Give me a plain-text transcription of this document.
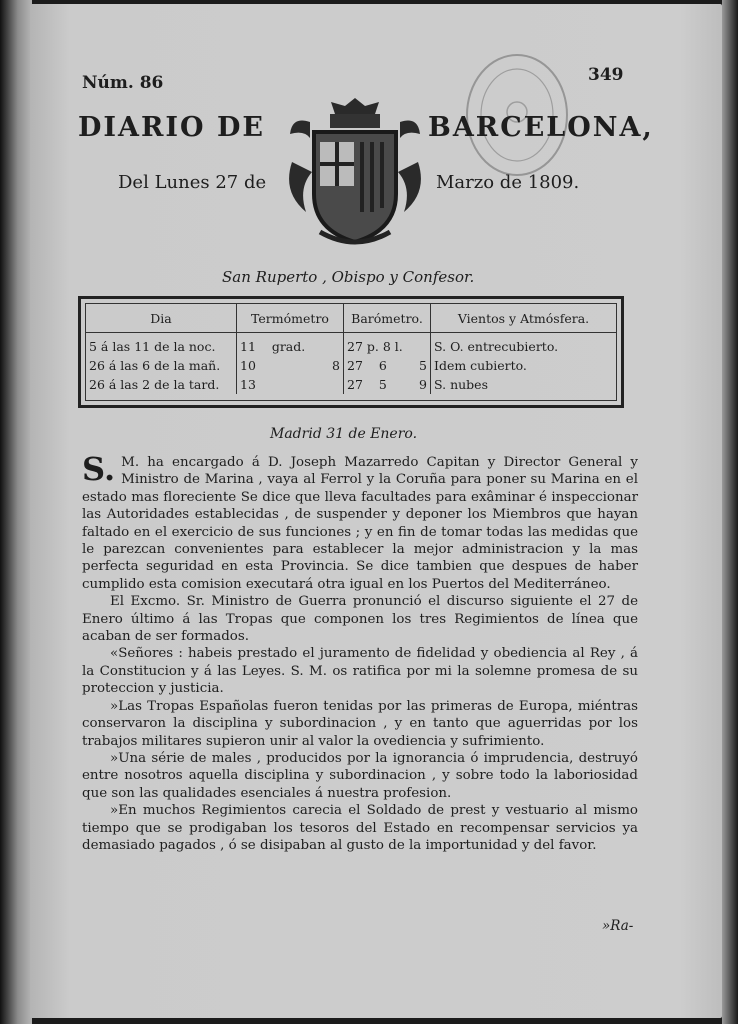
Núm. 86	349
DIARIO DE	BARCELONA,
Del Lunes 27 de	Marzo de 1809.
San Ruperto , Obispo y Confesor.
Dia	Termómetro	Barómetro.	Vientos y Atmósfera.
5 á las 11 de la noc.	11 grad.	27 p. 8 l.	S. O. entrecubierto.
26 á las 6 de la mañ.	10 8	27 6 5	Idem cubierto.
26 á las 2 de la tard.	13	27 5 9	S. nubes
Madrid 31 de Enero.

S. M. ha encargado á D. Joseph Mazarredo Capitan y Director General y Ministro de Marina , vaya al Ferrol y la Coruña para poner su Marina en el estado mas floreciente Se dice que lleva facultades para exâminar é inspeccionar las Autoridades establecidas , de suspender y deponer los Miembros que hayan faltado en el exercicio de sus funciones ; y en fin de tomar todas las medidas que le parezcan convenientes para establecer la mejor administracion y la mas perfecta seguridad en esta Provincia. Se dice tambien que despues de haber cumplido esta comision executará otra igual en los Puertos del Mediterráneo.

El Excmo. Sr. Ministro de Guerra pronunció el discurso siguiente el 27 de Enero último á las Tropas que componen los tres Regimientos de línea que acaban de ser formados.

«Señores : habeis prestado el juramento de fidelidad y obediencia al Rey , á la Constitucion y á las Leyes. S. M. os ratifica por mi la solemne promesa de su proteccion y justicia.

»Las Tropas Españolas fueron tenidas por las primeras de Europa, miéntras conservaron la disciplina y subordinacion , y en tanto que aguerridas por los trabajos militares supieron unir al valor la ovediencia y sufrimiento.

»Una série de males , producidos por la ignorancia ó imprudencia, destruyó entre nosotros aquella disciplina y subordinacion , y sobre todo la laboriosidad que son las qualidades esenciales á nuestra profesion.

»En muchos Regimientos carecia el Soldado de prest y vestuario al mismo tiempo que se prodigaban los tesoros del Estado en recompensar servicios ya demasiado pagados , ó se disipaban al gusto de la importunidad y del favor.

»Ra-
